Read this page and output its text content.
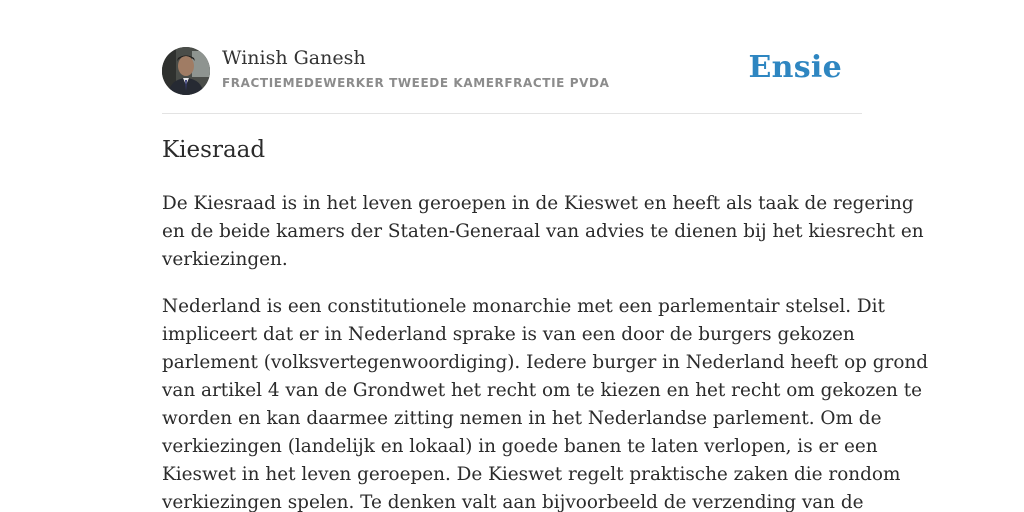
Winish Ganesh
FRACTIEMEDEWERKER TWEEDE KAMERFRACTIE PVDA	Ensie
Kiesraad

De Kiesraad is in het leven geroepen in de Kieswet en heeft als taak de regering
en de beide kamers der Staten-Generaal van advies te dienen bij het kiesrecht en
verkiezingen.

Nederland is een constitutionele monarchie met een parlementair stelsel. Dit
impliceert dat er in Nederland sprake is van een door de burgers gekozen
parlement (volksvertegenwoordiging). Iedere burger in Nederland heeft op grond
van artikel 4 van de Grondwet het recht om te kiezen en het recht om gekozen te
worden en kan daarmee zitting nemen in het Nederlandse parlement. Om de
verkiezingen (landelijk en lokaal) in goede banen te laten verlopen, is er een
Kieswet in het leven geroepen. De Kieswet regelt praktische zaken die rondom
verkiezingen spelen. Te denken valt aan bijvoorbeeld de verzending van de
